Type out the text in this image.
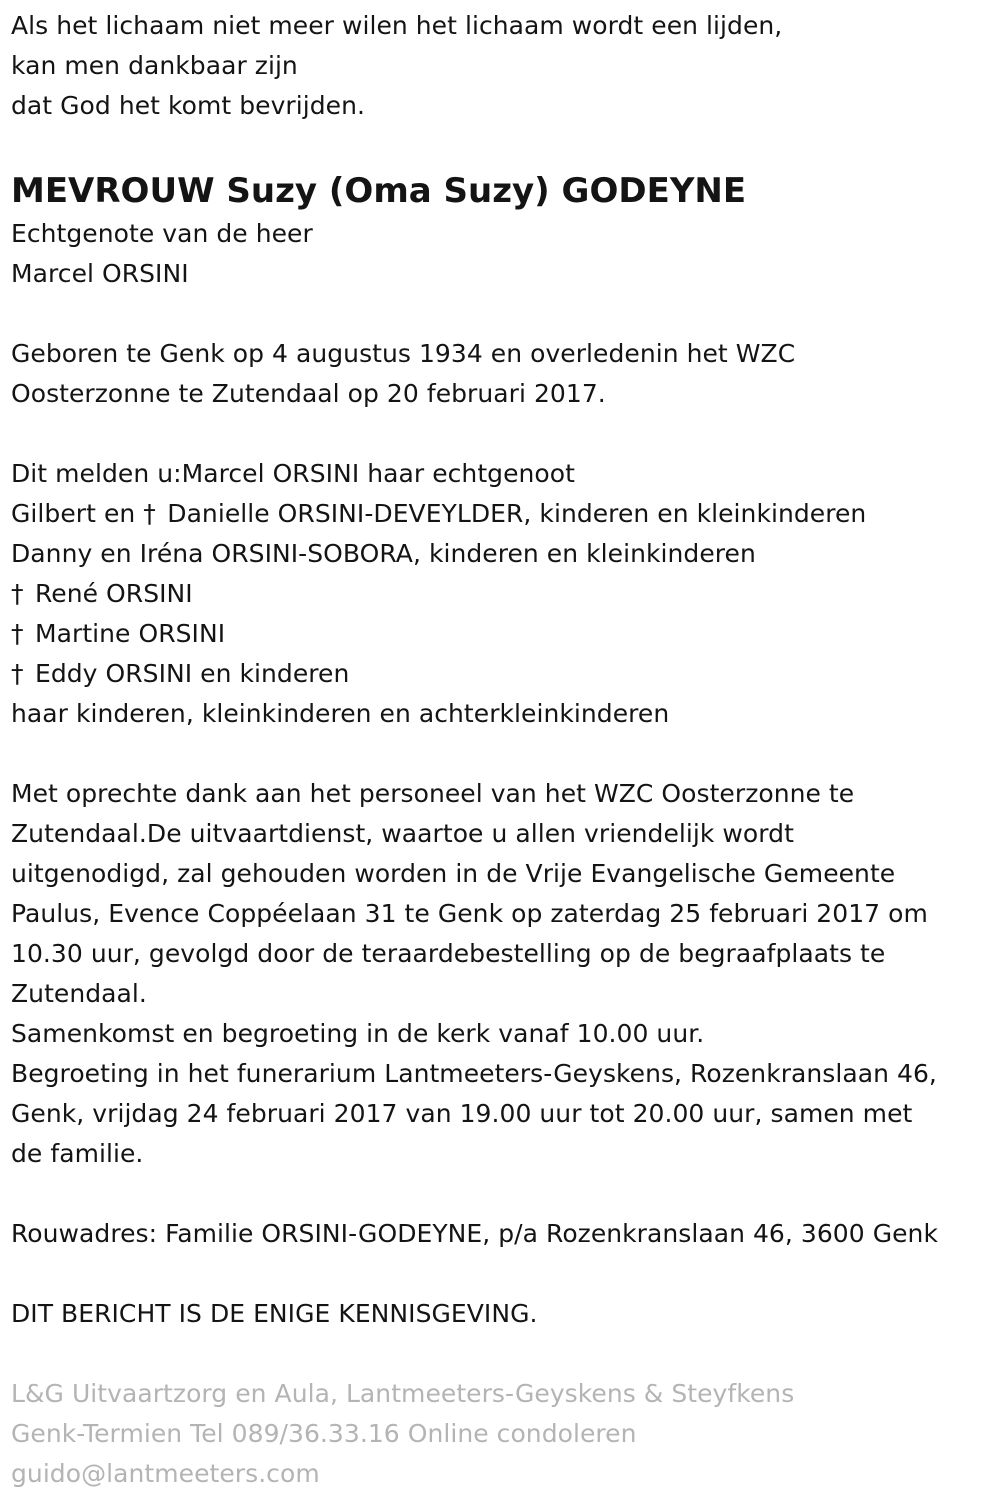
Als het lichaam niet meer wilen het lichaam wordt een lijden,
kan men dankbaar zijn
dat God het komt bevrijden.
MEVROUW Suzy (Oma Suzy) GODEYNE
Echtgenote van de heer
Marcel ORSINI
Geboren te Genk op 4 augustus 1934 en overledenin het WZC
Oosterzonne te Zutendaal op 20 februari 2017.
Dit melden u:Marcel ORSINI haar echtgenoot
Gilbert en † Danielle ORSINI-DEVEYLDER, kinderen en kleinkinderen
Danny en Iréna ORSINI-SOBORA, kinderen en kleinkinderen
† René ORSINI
† Martine ORSINI
† Eddy ORSINI en kinderen
haar kinderen, kleinkinderen en achterkleinkinderen
Met oprechte dank aan het personeel van het WZC Oosterzonne te
Zutendaal.De uitvaartdienst, waartoe u allen vriendelijk wordt
uitgenodigd, zal gehouden worden in de Vrije Evangelische Gemeente
Paulus, Evence Coppéelaan 31 te Genk op zaterdag 25 februari 2017 om
10.30 uur, gevolgd door de teraardebestelling op de begraafplaats te
Zutendaal.
Samenkomst en begroeting in de kerk vanaf 10.00 uur.
Begroeting in het funerarium Lantmeeters-Geyskens, Rozenkranslaan 46,
Genk, vrijdag 24 februari 2017 van 19.00 uur tot 20.00 uur, samen met
de familie.
Rouwadres: Familie ORSINI-GODEYNE, p/a Rozenkranslaan 46, 3600 Genk
DIT BERICHT IS DE ENIGE KENNISGEVING.
L&G Uitvaartzorg en Aula, Lantmeeters-Geyskens & Steyfkens
Genk-Termien Tel 089/36.33.16 Online condoleren
guido@lantmeeters.com
